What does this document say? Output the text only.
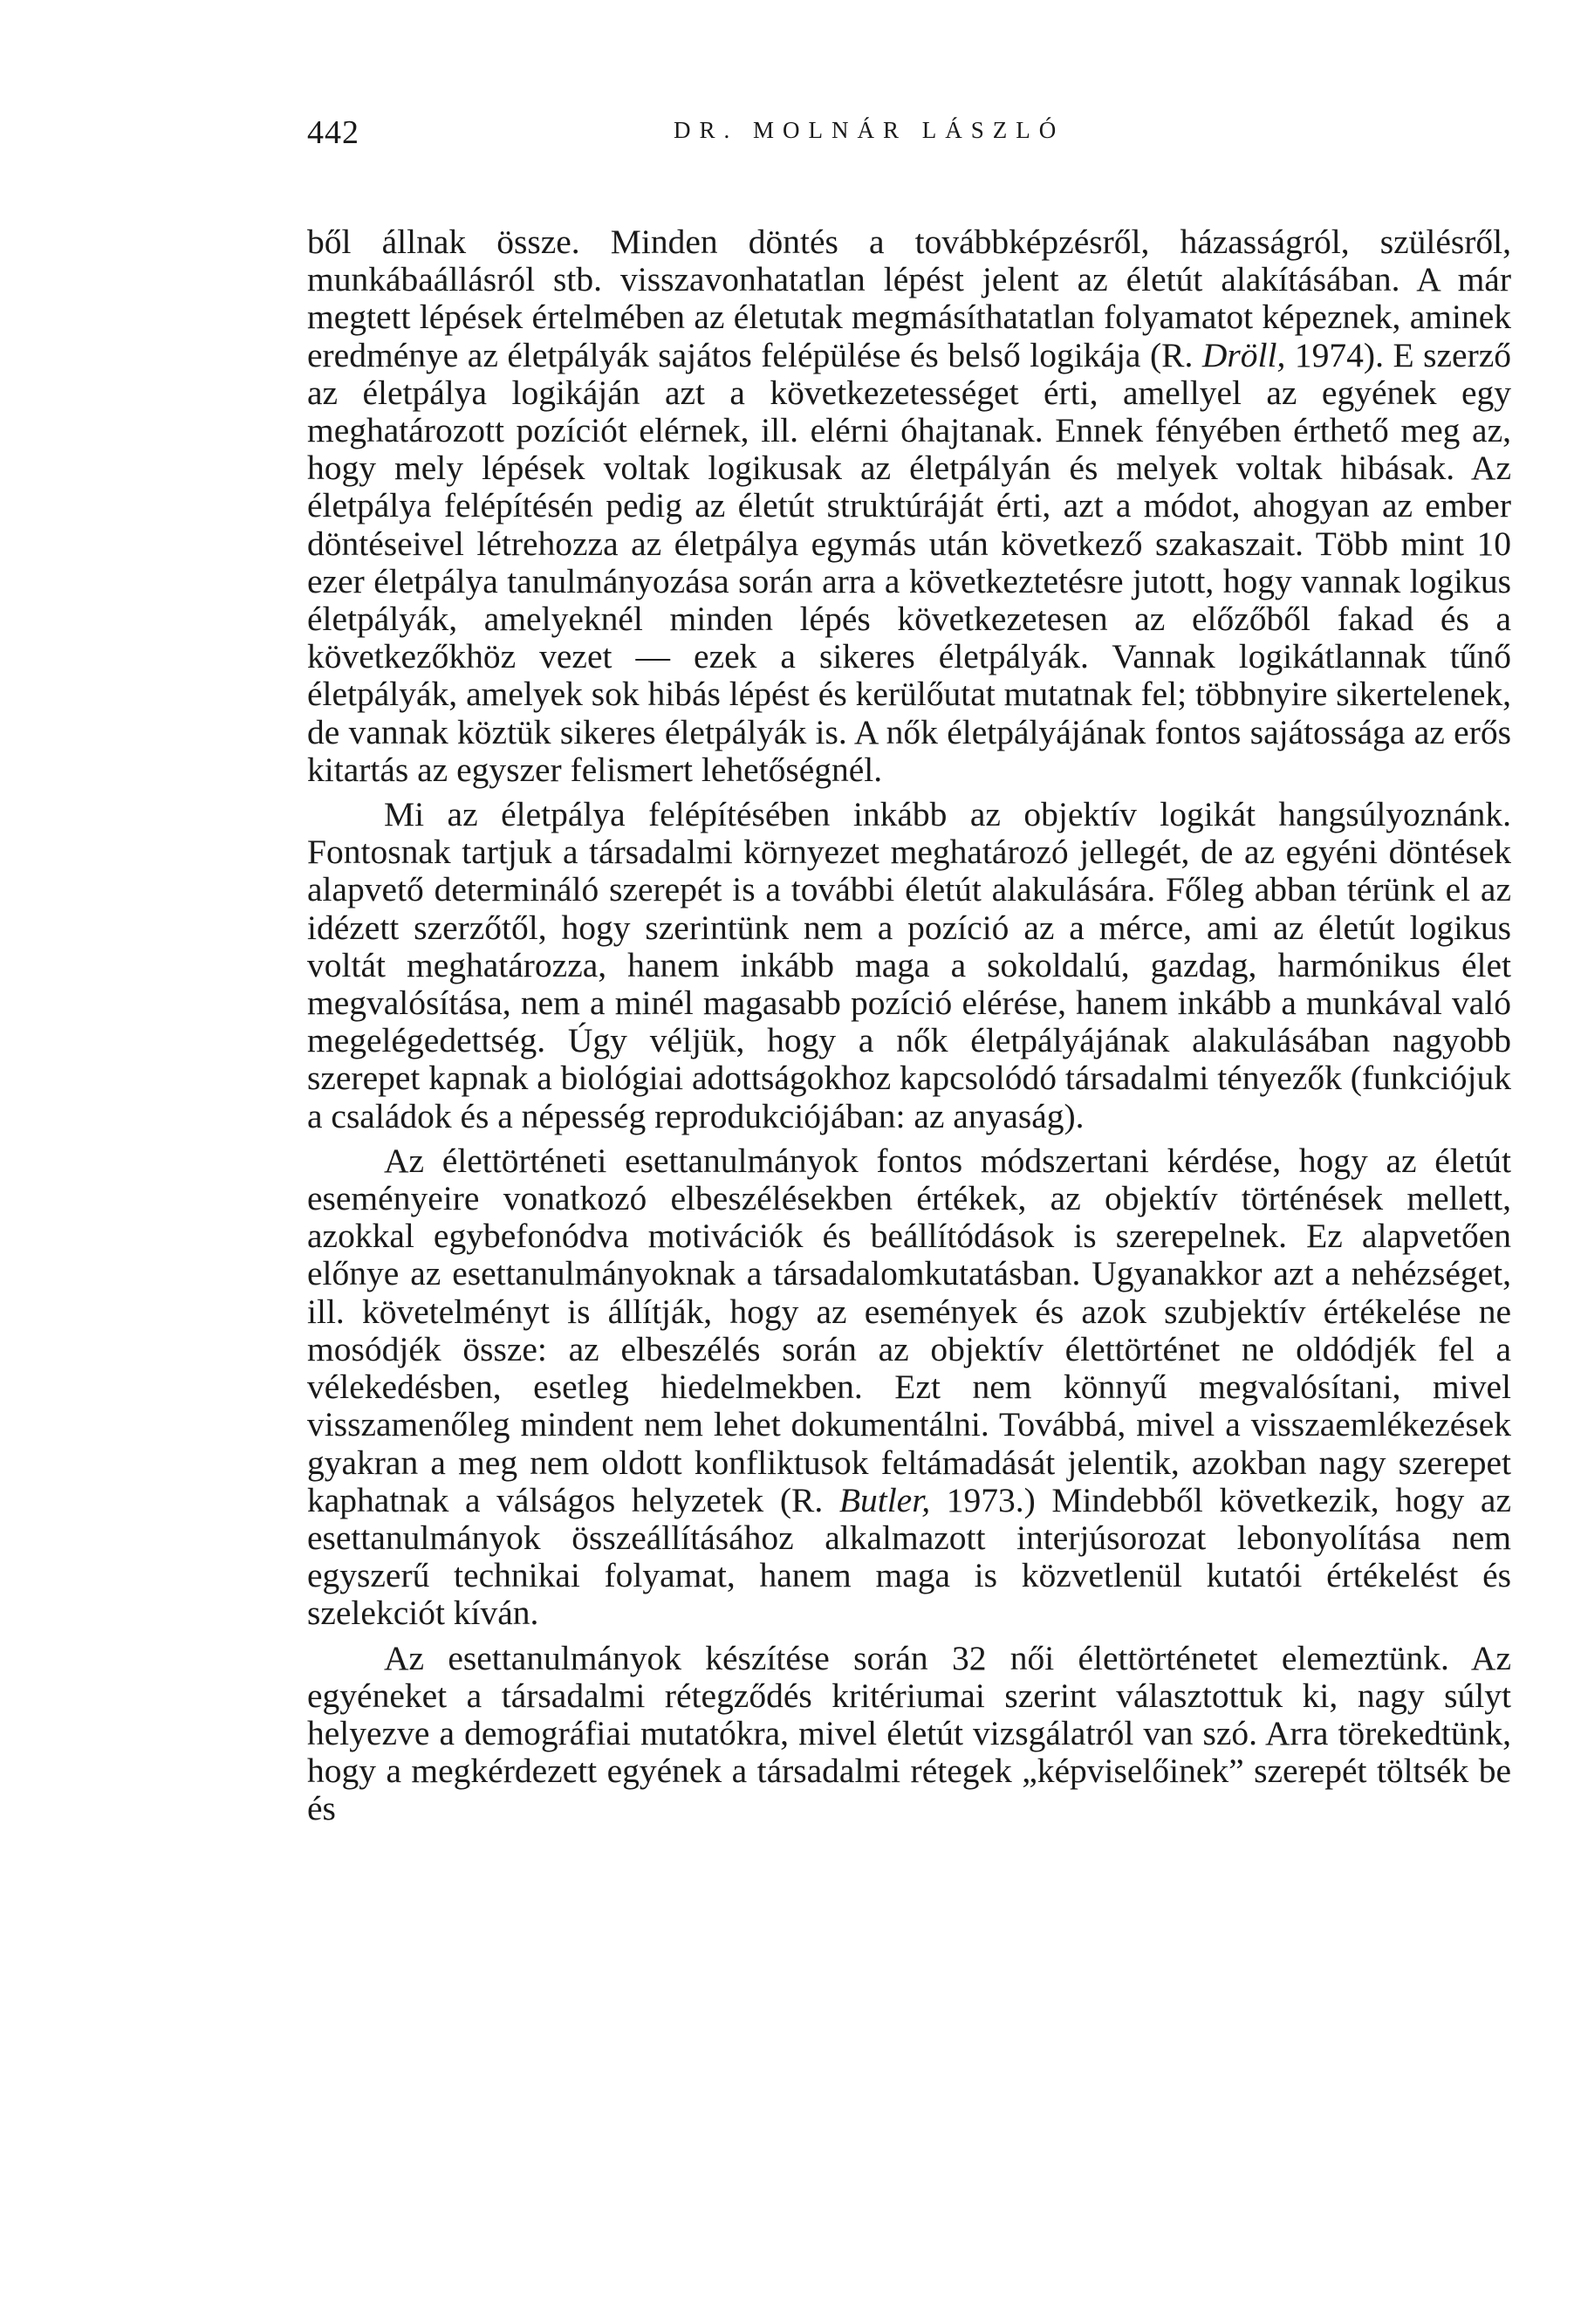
442	DR. MOLNÁR LÁSZLÓ

ből állnak össze. Minden döntés a továbbképzésről, házasságról, szülésről, munkábaállásról stb. visszavonhatatlan lépést jelent az életút alakításában. A már megtett lépések értelmében az életutak megmásíthatatlan folyamatot képeznek, aminek eredménye az életpályák sajátos felépülése és belső logikája (R. Dröll, 1974). E szerző az életpálya logikáján azt a következetességet érti, amellyel az egyének egy meghatározott pozíciót elérnek, ill. elérni óhajtanak. Ennek fényében érthető meg az, hogy mely lépések voltak logikusak az életpályán és melyek voltak hibásak. Az életpálya felépítésén pedig az életút struktúráját érti, azt a módot, ahogyan az ember döntéseivel létrehozza az életpálya egymás után következő szakaszait. Több mint 10 ezer életpálya tanulmányozása során arra a következtetésre jutott, hogy vannak logikus életpályák, amelyeknél minden lépés következetesen az előzőből fakad és a következőkhöz vezet — ezek a sikeres életpályák. Vannak logikátlannak tűnő életpályák, amelyek sok hibás lépést és kerülőutat mutatnak fel; többnyire sikertelenek, de vannak köztük sikeres életpályák is. A nők életpályájának fontos sajátossága az erős kitartás az egyszer felismert lehetőségnél.

Mi az életpálya felépítésében inkább az objektív logikát hangsúlyoznánk. Fontosnak tartjuk a társadalmi környezet meghatározó jellegét, de az egyéni döntések alapvető determináló szerepét is a további életút alakulására. Főleg abban térünk el az idézett szerzőtől, hogy szerintünk nem a pozíció az a mérce, ami az életút logikus voltát meghatározza, hanem inkább maga a sokoldalú, gazdag, harmónikus élet megvalósítása, nem a minél magasabb pozíció elérése, hanem inkább a munkával való megelégedettség. Úgy véljük, hogy a nők életpályájának alakulásában nagyobb szerepet kapnak a biológiai adottságokhoz kapcsolódó társadalmi tényezők (funkciójuk a családok és a népesség reprodukciójában: az anyaság).

Az élettörténeti esettanulmányok fontos módszertani kérdése, hogy az életút eseményeire vonatkozó elbeszélésekben értékek, az objektív történések mellett, azokkal egybefonódva motivációk és beállítódások is szerepelnek. Ez alapvetően előnye az esettanulmányoknak a társadalomkutatásban. Ugyanakkor azt a nehézséget, ill. követelményt is állítják, hogy az események és azok szubjektív értékelése ne mosódjék össze: az elbeszélés során az objektív élettörténet ne oldódjék fel a vélekedésben, esetleg hiedelmekben. Ezt nem könnyű megvalósítani, mivel visszamenőleg mindent nem lehet dokumentálni. Továbbá, mivel a visszaemlékezések gyakran a meg nem oldott konfliktusok feltámadását jelentik, azokban nagy szerepet kaphatnak a válságos helyzetek (R. Butler, 1973.) Mindebből következik, hogy az esettanulmányok összeállításához alkalmazott interjúsorozat lebonyolítása nem egyszerű technikai folyamat, hanem maga is közvetlenül kutatói értékelést és szelekciót kíván.

Az esettanulmányok készítése során 32 női élettörténetet elemeztünk. Az egyéneket a társadalmi rétegződés kritériumai szerint választottuk ki, nagy súlyt helyezve a demográfiai mutatókra, mivel életút vizsgálatról van szó. Arra törekedtünk, hogy a megkérdezett egyének a társadalmi rétegek „képviselőinek” szerepét töltsék be és
